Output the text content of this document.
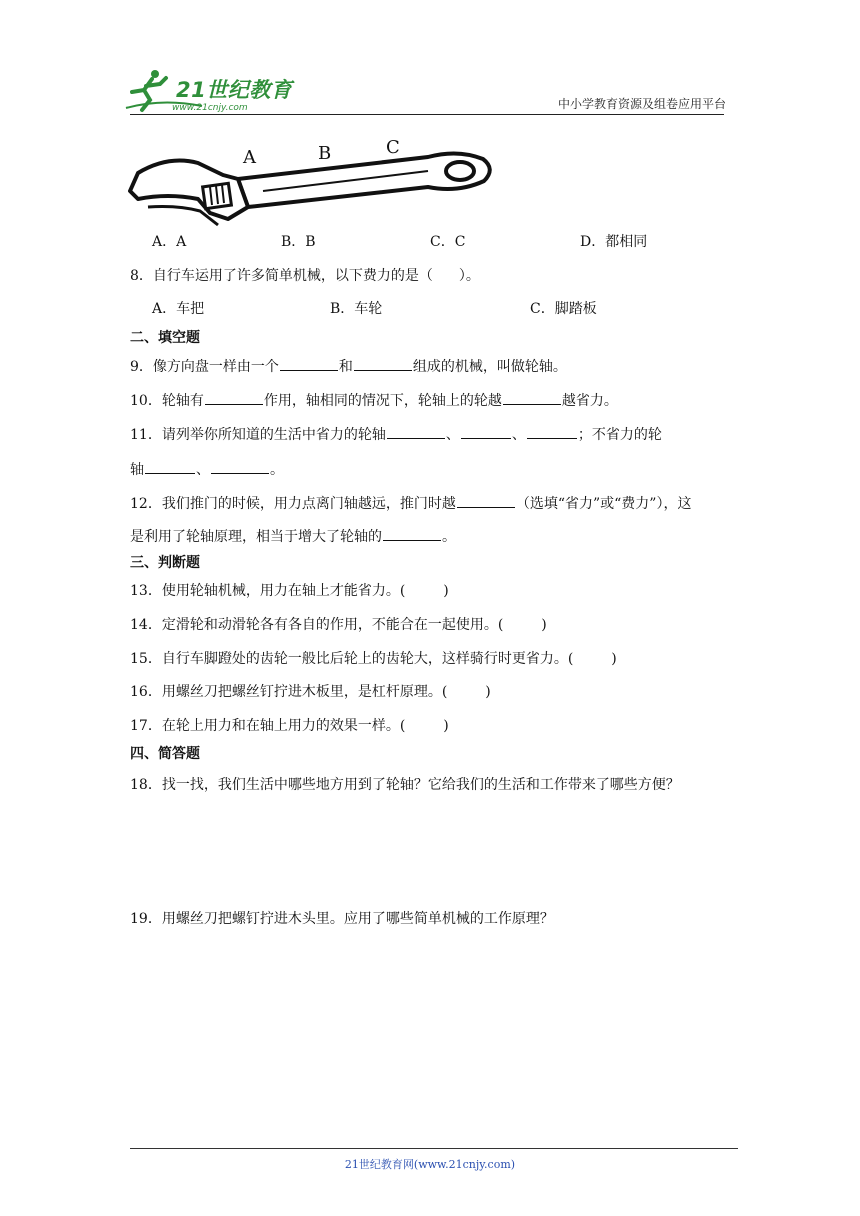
21世纪教育
www.21cnjy.com	中小学教育资源及组卷应用平台
A	B	C
A．A	B．B	C．C	D．都相同
8．自行车运用了许多简单机械，以下费力的是（ ）。
A．车把	B．车轮	C．脚踏板
二、填空题
9．像方向盘一样由一个	和	组成的机械，叫做轮轴。
10．轮轴有	作用，轴相同的情况下，轮轴上的轮越	越省力。
11．请列举你所知道的生活中省力的轮轴	、	、	；不省力的轮
轴	、	。
12．我们推门的时候，用力点离门轴越远，推门时越	（选填“省力”或“费力”），这
是利用了轮轴原理，相当于增大了轮轴的	。
三、判断题
13．使用轮轴机械，用力在轴上才能省力。(	)
14．定滑轮和动滑轮各有各自的作用，不能合在一起使用。(	)
15．自行车脚蹬处的齿轮一般比后轮上的齿轮大，这样骑行时更省力。(	)
16．用螺丝刀把螺丝钉拧进木板里，是杠杆原理。(	)
17．在轮上用力和在轴上用力的效果一样。(	)
四、简答题
18．找一找，我们生活中哪些地方用到了轮轴？它给我们的生活和工作带来了哪些方便？
19．用螺丝刀把螺钉拧进木头里。应用了哪些简单机械的工作原理？
21世纪教育网(www.21cnjy.com)
